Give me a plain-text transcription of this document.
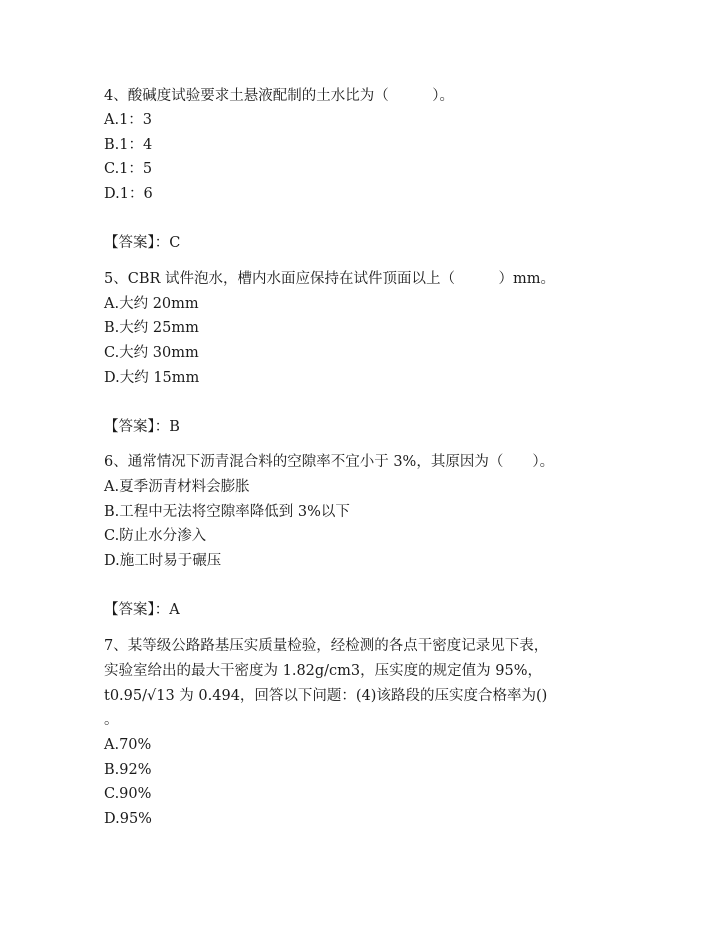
4、酸碱度试验要求土悬液配制的土水比为（　　　）。
A.1：3
B.1：4
C.1：5
D.1：6
【答案】：C
5、CBR 试件泡水，槽内水面应保持在试件顶面以上（　　　）mm。
A.大约 20mm
B.大约 25mm
C.大约 30mm
D.大约 15mm
【答案】：B
6、通常情况下沥青混合料的空隙率不宜小于 3%，其原因为（　　）。
A.夏季沥青材料会膨胀
B.工程中无法将空隙率降低到 3%以下
C.防止水分渗入
D.施工时易于碾压
【答案】：A
7、某等级公路路基压实质量检验，经检测的各点干密度记录见下表，
实验室给出的最大干密度为 1.82g/cm3，压实度的规定值为 95%，
t0.95/√13 为 0.494，回答以下问题：(4)该路段的压实度合格率为()
。
A.70%
B.92%
C.90%
D.95%
